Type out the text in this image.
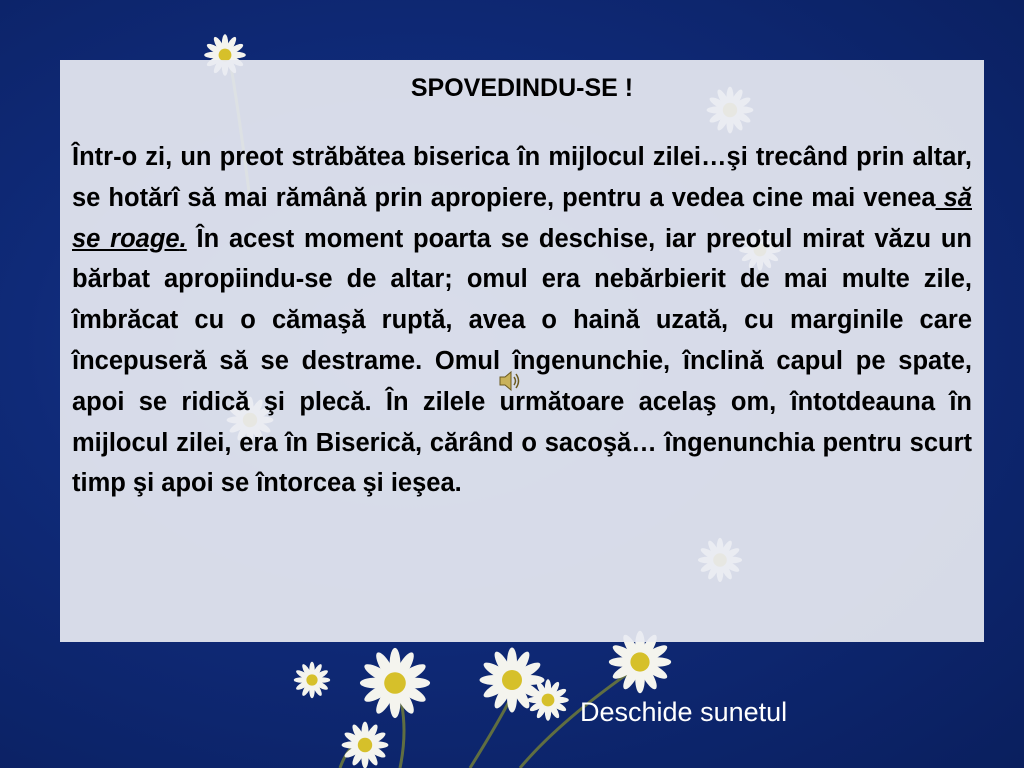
SPOVEDINDU-SE !

Într-o zi, un preot străbătea biserica în mijlocul zilei…şi trecând prin altar, se hotărî să mai rămână prin apropiere, pentru a vedea cine mai venea să se roage. În acest moment poarta se deschise, iar preotul mirat văzu un bărbat apropiindu-se de altar; omul era nebărbierit de mai multe zile, îmbrăcat cu o cămaşă ruptă, avea o haină uzată, cu marginile care începuseră să se destrame. Omul îngenunchie, înclină capul pe spate, apoi se ridică şi plecă. În zilele următoare acelaş om, întotdeauna în mijlocul zilei, era în Biserică, cărând o sacoşă… îngenunchia pentru scurt timp şi apoi se întorcea şi ieşea.

Deschide sunetul
